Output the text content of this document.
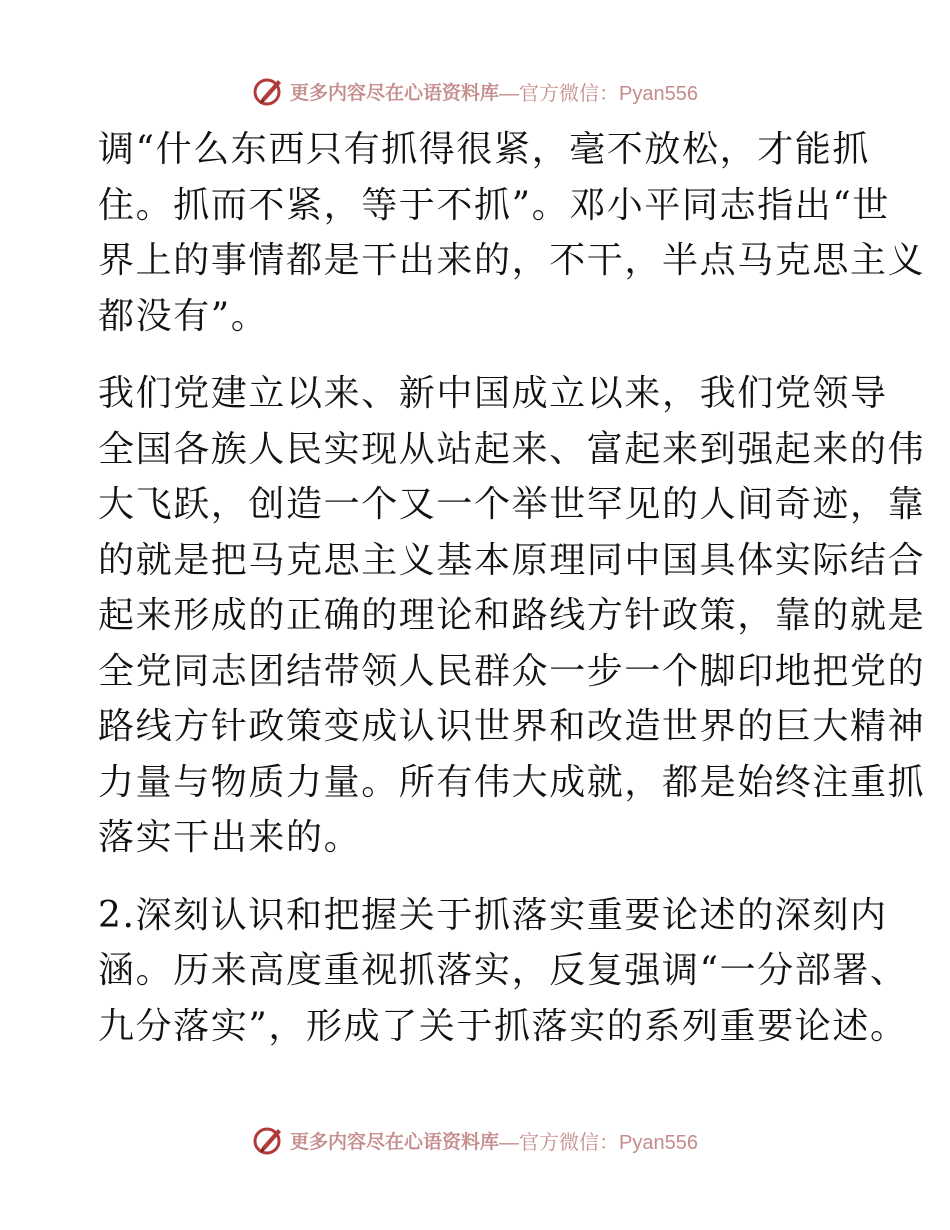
更多内容尽在心语资料库 —官方微信：Pyan556
调“什么东西只有抓得很紧，毫不放松，才能抓
住。抓而不紧，等于不抓”。邓小平同志指出“世
界上的事情都是干出来的，不干，半点马克思主义
都没有”。
我们党建立以来、新中国成立以来，我们党领导
全国各族人民实现从站起来、富起来到强起来的伟
大飞跃，创造一个又一个举世罕见的人间奇迹，靠
的就是把马克思主义基本原理同中国具体实际结合
起来形成的正确的理论和路线方针政策，靠的就是
全党同志团结带领人民群众一步一个脚印地把党的
路线方针政策变成认识世界和改造世界的巨大精神
力量与物质力量。所有伟大成就，都是始终注重抓
落实干出来的。
2.深刻认识和把握关于抓落实重要论述的深刻内
涵。历来高度重视抓落实，反复强调“一分部署、
九分落实”，形成了关于抓落实的系列重要论述。
更多内容尽在心语资料库 —官方微信：Pyan556
